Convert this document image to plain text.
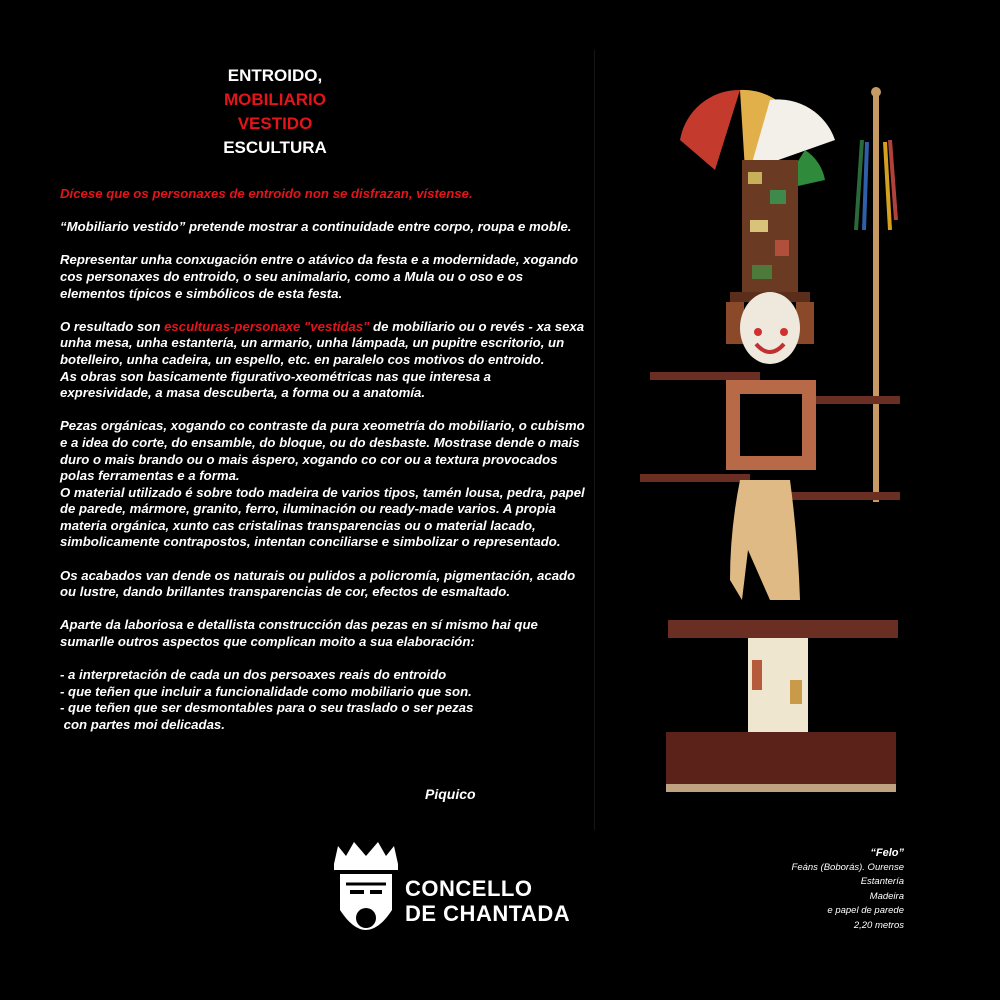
ENTROIDO,
MOBILIARIO
VESTIDO
ESCULTURA

Dícese que os personaxes de entroido non se disfrazan, vístense.

“Mobiliario vestido” pretende mostrar a continuidade entre corpo, roupa e moble.

Representar unha conxugación entre o atávico da festa e a modernidade, xogando cos personaxes do entroido, o seu animalario, como a Mula ou o oso e os elementos típicos e simbólicos de esta festa.

O resultado son esculturas-personaxe "vestidas" de mobiliario ou o revés - xa sexa unha mesa, unha estantería, un armario, unha lámpada, un pupitre escritorio, un botelleiro, unha cadeira, un espello, etc. en paralelo cos motivos do entroido.
As obras son basicamente figurativo-xeométricas nas que interesa a expresividade, a masa descuberta, a forma ou a anatomía.

Pezas orgánicas, xogando co contraste da pura xeometría do mobiliario, o cubismo e a idea do corte, do ensamble, do bloque, ou do desbaste. Mostrase dende o mais duro o mais brando ou o mais áspero, xogando co cor ou a textura provocados polas ferramentas e a forma.
O material utilizado é sobre todo madeira de varios tipos, tamén lousa, pedra, papel de parede, mármore, granito, ferro, iluminación ou ready-made varios. A propia materia orgánica, xunto cas cristalinas transparencias ou o material lacado, simbolicamente contrapostos, intentan conciliarse e simbolizar o representado.

Os acabados van dende os naturais ou pulidos a policromía, pigmentación, acado ou lustre, dando brillantes transparencias de cor, efectos de esmaltado.

Aparte da laboriosa e detallista construcción das pezas en sí mismo hai que sumarlle outros aspectos que complican moito a sua elaboración:

- a interpretación de cada un dos persoaxes reais do entroido
- que teñen que incluir a funcionalidade como mobiliario que son.
- que teñen que ser desmontables para o seu traslado o ser pezas
con partes moi delicadas.
Piquico
CONCELLO
DE CHANTADA
“Felo”
Feáns (Boborás). Ourense
Estantería
Madeira
e papel de parede
2,20 metros
